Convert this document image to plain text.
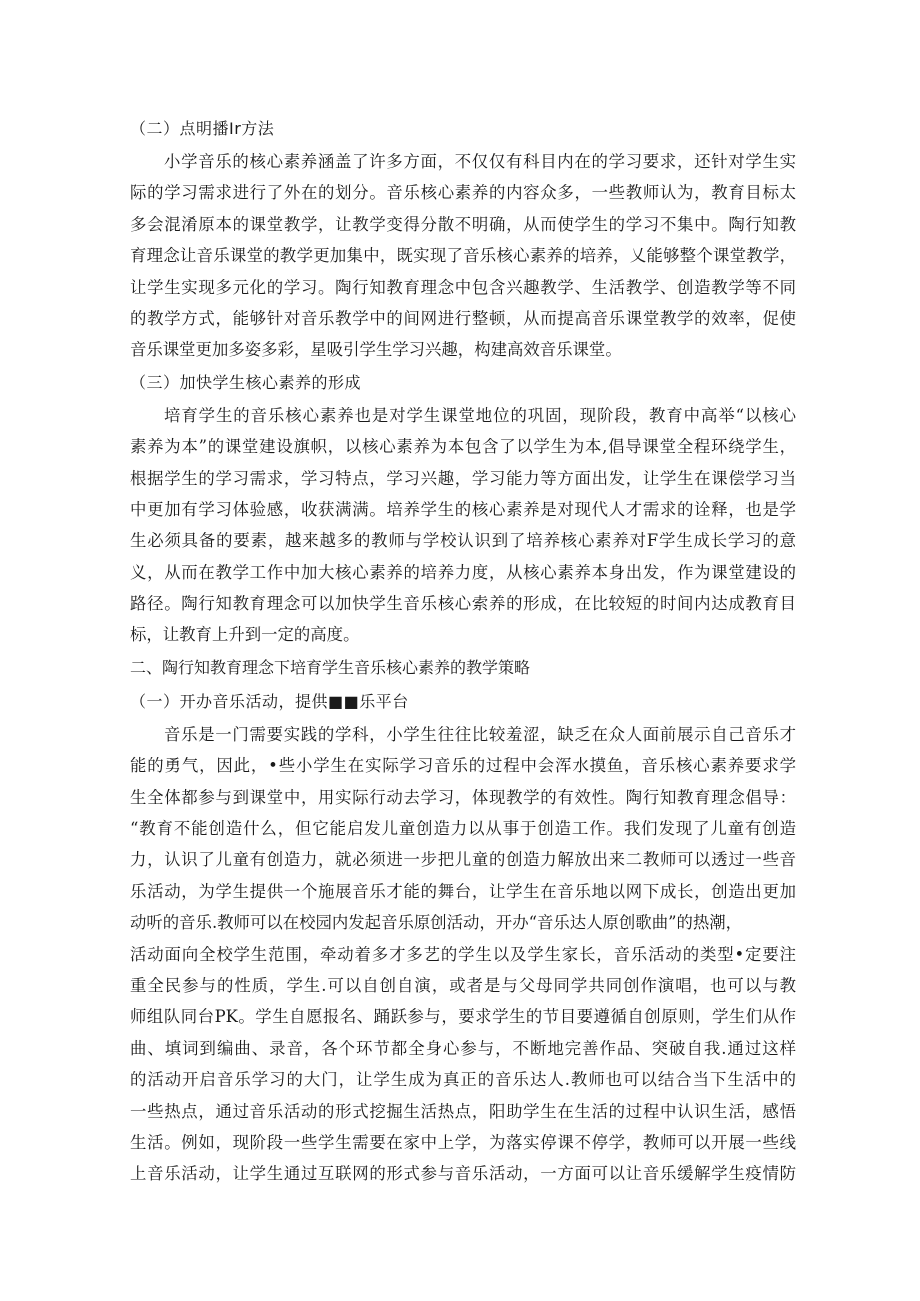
（二）点明播Ir方法
小学音乐的核心素养涵盖了许多方面，不仅仅有科目内在的学习要求，还针对学生实
际的学习需求进行了外在的划分。音乐核心素养的内容众多，一些教师认为，教育目标太
多会混淆原本的课堂教学，让教学变得分散不明确，从而使学生的学习不集中。陶行知教
育理念让音乐课堂的教学更加集中，既实现了音乐核心素养的培养，乂能够整个课堂教学，
让学生实现多元化的学习。陶行知教育理念中包含兴趣教学、生活教学、创造教学等不同
的教学方式，能够针对音乐教学中的间网进行整顿，从而提高音乐课堂教学的效率，促使
音乐课堂更加多姿多彩，星吸引学生学习兴趣，构建高效音乐课堂。
（三）加快学生核心素养的形成
培育学生的音乐核心素养也是对学生课堂地位的巩固，现阶段，教育中高举“以核心
素养为本”的课堂建设旗帜，以核心素养为本包含了以学生为本,倡导课堂全程环绕学生，
根据学生的学习需求，学习特点，学习兴趣，学习能力等方面出发，让学生在课偿学习当
中更加有学习体验感，收获满满。培养学生的核心素养是对现代人才需求的诠释，也是学
生必须具备的要素，越来越多的教师与学校认识到了培养核心素养对F学生成长学习的意
义，从而在教学工作中加大核心素养的培养力度，从核心素养本身出发，作为课堂建设的
路径。陶行知教育理念可以加快学生音乐核心索养的形成，在比较短的时间内达成教育目
标，让教育上升到一定的高度。
二、陶行知教育理念下培育学生音乐核心素养的教学策略
（一）开办音乐活动，提供■■乐平台
音乐是一门需要实践的学科，小学生往往比较羞涩，缺乏在众人面前展示自己音乐才
能的勇气，因此，•些小学生在实际学习音乐的过程中会浑水摸鱼，音乐核心素养要求学
生全体都参与到课堂中，用实际行动去学习，体现教学的有效性。陶行知教育理念倡导：
“教育不能创造什么，但它能启发儿童创造力以从事于创造工作。我们发现了儿童有创造
力，认识了儿童有创造力，就必须进一步把儿童的创造力解放出来二教师可以透过一些音
乐活动，为学生提供一个施展音乐才能的舞台，让学生在音乐地以网下成长，创造出更加
动听的音乐.教师可以在校园内发起音乐原创活动，开办“音乐达人原创歌曲”的热潮，
活动面向全校学生范围，牵动着多才多艺的学生以及学生家长，音乐活动的类型•定要注
重全民参与的性质，学生.可以自创自演，或者是与父母同学共同创作演唱，也可以与教
师组队同台PK。学生自愿报名、踊跃参与，要求学生的节目要遵循自创原则，学生们从作
曲、填词到编曲、录音，各个环节都全身心参与，不断地完善作品、突破自我.通过这样
的活动开启音乐学习的大门，让学生成为真正的音乐达人.教师也可以结合当下生活中的
一些热点，通过音乐活动的形式挖掘生活热点，阳助学生在生活的过程中认识生活，感悟
生活。例如，现阶段一些学生需要在家中上学，为落实停课不停学，教师可以开展一些线
上音乐活动，让学生通过互联网的形式参与音乐活动，一方面可以让音乐缓解学生疫情防
